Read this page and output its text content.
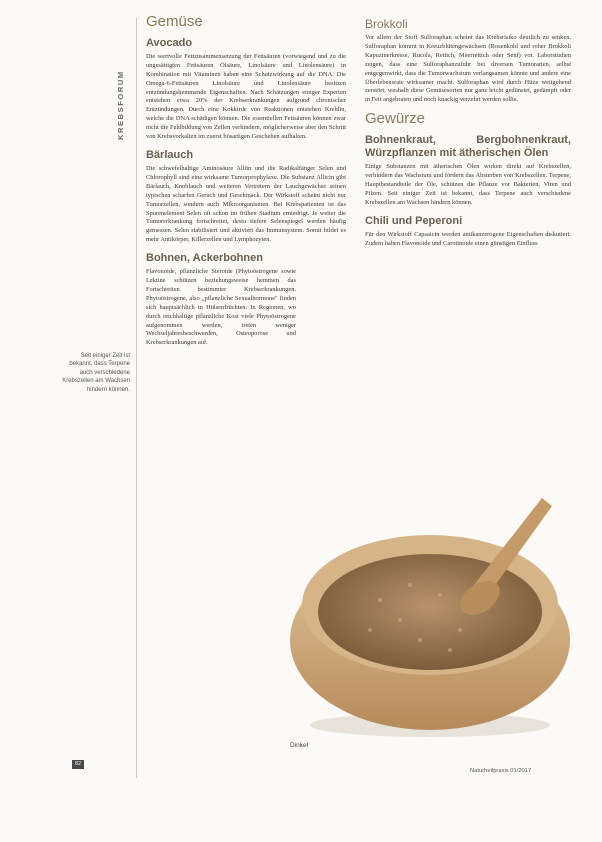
KREBSFORUM
Gemüse
Avocado

Die wertvolle Fettzusammensetzung der Fettsäuren (vorwiegend und zu die ungesättigten Fettsäuren Ölsäure, Linolsäure und Linolensäure) in Kombination mit Vitaminen haben eine Schutzwirkung auf die DNA. Die Omega-6-Fettsäuren Linolsäure und Linolensäure besitzen entzündungshemmende Eigenschaften. Nach Schätzungen einiger Experten entstehen etwa 20% der Krebserkrankungen aufgrund chronischer Entzündungen. Durch eine Kokkirde von Reaktionen entstehen Kreblin, welche die DNA schädigen können. Die essentiellen Fettsäuren können zwar nicht die Fehlbildung von Zellen verhindern, möglicherweise aber den Schritt von Krebsvorkalien im zuerst bösartigen Geschehen aufhalten.

Bärlauch

Die schwefelhaltige Aminosäure Alliin und die Radikalfänger Selen und Chlorophyll sind eine wirksame Tumorprophylaxe. Die Substanz Allicin gibt Bärlauch, Knoblauch und weiteren Vertretern der Lauchgewächse seinen typischen scharfen Geruch und Geschmack. Der Wirkstoff scheint nicht nur Tumorzellen, sondern auch Mikroorganismen. Bei Krebspatienten ist das Spurenelement Selen oft schon im frühen Stadium erniedrigt. Je weiter die Tumorerkrankung fortschreitet, desto tiefere Selenspiegel werden häufig gemessen. Selen stabilisiert und aktiviert das Immunsystem. Somit bildet es mehr Antikörper, Killerzellen und Lymphozyten.

Bohnen, Ackerbohnen

Flavonoide, pflanzliche Steroide (Phytoöstrogene sowie Lektine schützen beziehungsweise hemmen das Fortschreiten bestimmter Krebserkrankungen. Phytoöstrogene, also „pflanzliche Sexualhormone" finden sich hauptsächlich in Hülsenfrüchten. In Regionen, wo durch reichhaltige pflanzliche Kost viele Phytoöstrogene aufgenommen werden, treten weniger Wechseljahresbeschwerden, Osteoporose und Krebserkrankungen auf.

Brokkoli

Vor allem der Stoff Sulforaphan scheint das Krebsrisiko deutlich zu senken. Sulforaphan kommt in Kreuzblütengewächsen (Rosenkohl und roher Brokkoli Kapuzinerkresse, Rucola, Rettich, Meerrettich oder Senf) vor. Laborstudien zeigen, dass eine Sulforaphanzufuhr bei diversen Tumorarten, selbst entgegenwirkt, dass die Tumorwachstum verlangsamen könnte und andere eine Überlebensrate wirksamer macht. Sulforaphan wird durch Hitze weitgehend zerstört, weshalb diese Gemüsesorten nur ganz leicht gedünstet, gedämpft oder in Fett angebraten und noch knackig verzehrt werden sollte.

Gewürze
Bohnenkraut, Bergbohnenkraut, Würzpflanzen mit ätherischen Ölen

Einige Substanzen mit ätherischen Ölen wirken direkt auf Krebszellen, verhindern das Wachstum und fördern das Absterben von Krebszellen. Terpene, Hauptbestandteile der Öle, schützen die Pflanze vor Bakterien, Viren und Pilzen. Seit einiger Zeit ist bekannt, dass Terpene auch verschiedene Krebszellen am Wachsen hindern können.

Chili und Peperoni

Für den Wirkstoff Capsaicin werden antikanzerogene Eigenschaften diskutiert. Zudem haben Flavonoide und Carotinoide einen günstigen Einfluss

Seit einiger Zeit ist bekannt, dass Terpene auch verschiedene Krebszellen am Wachsen hindern können.
Dinkel
82
Naturheilpraxis 01/2017
